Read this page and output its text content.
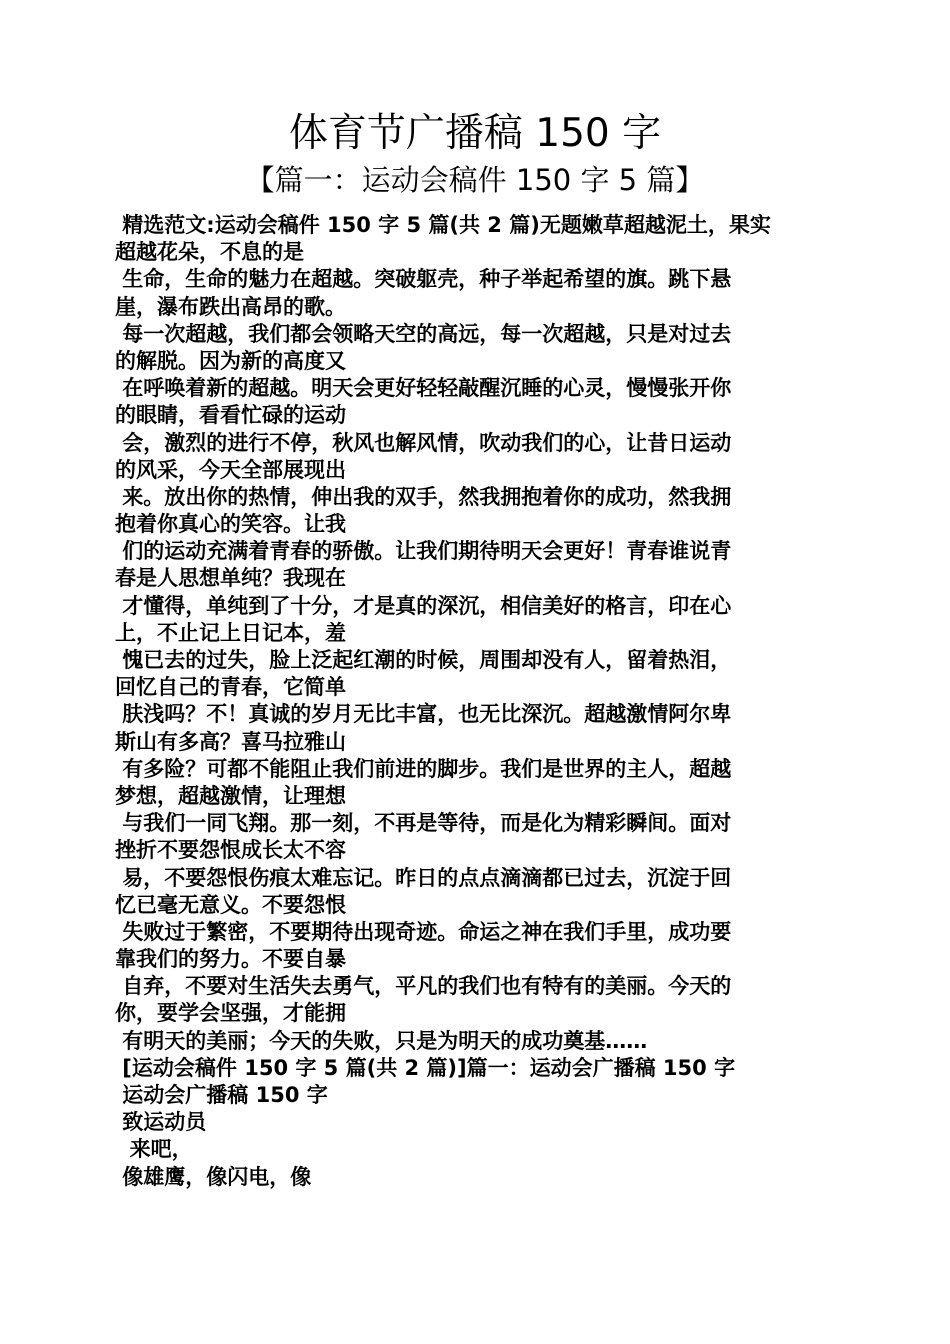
体育节广播稿 150 字
【篇一：运动会稿件 150 字 5 篇】
精选范文:运动会稿件 150 字 5 篇(共 2 篇)无题嫩草超越泥土，果实
超越花朵，不息的是
生命，生命的魅力在超越。突破躯壳，种子举起希望的旗。跳下悬
崖，瀑布跌出高昂的歌。
每一次超越，我们都会领略天空的高远，每一次超越，只是对过去
的解脱。因为新的高度又
在呼唤着新的超越。明天会更好轻轻敲醒沉睡的心灵，慢慢张开你
的眼睛，看看忙碌的运动
会，激烈的进行不停，秋风也解风情，吹动我们的心，让昔日运动
的风采，今天全部展现出
来。放出你的热情，伸出我的双手，然我拥抱着你的成功，然我拥
抱着你真心的笑容。让我
们的运动充满着青春的骄傲。让我们期待明天会更好！青春谁说青
春是人思想单纯？我现在
才懂得，单纯到了十分，才是真的深沉，相信美好的格言，印在心
上，不止记上日记本，羞
愧已去的过失，脸上泛起红潮的时候，周围却没有人，留着热泪，
回忆自己的青春，它简单
肤浅吗？不！真诚的岁月无比丰富，也无比深沉。超越激情阿尔卑
斯山有多高？喜马拉雅山
有多险？可都不能阻止我们前进的脚步。我们是世界的主人，超越
梦想，超越激情，让理想
与我们一同飞翔。那一刻，不再是等待，而是化为精彩瞬间。面对
挫折不要怨恨成长太不容
易，不要怨恨伤痕太难忘记。昨日的点点滴滴都已过去，沉淀于回
忆已毫无意义。不要怨恨
失败过于繁密，不要期待出现奇迹。命运之神在我们手里，成功要
靠我们的努力。不要自暴
自弃，不要对生活失去勇气，平凡的我们也有特有的美丽。今天的
你，要学会坚强，才能拥
有明天的美丽；今天的失败，只是为明天的成功奠基……
[运动会稿件 150 字 5 篇(共 2 篇)]篇一：运动会广播稿 150 字
运动会广播稿 150 字
致运动员
来吧，
像雄鹰，像闪电，像
